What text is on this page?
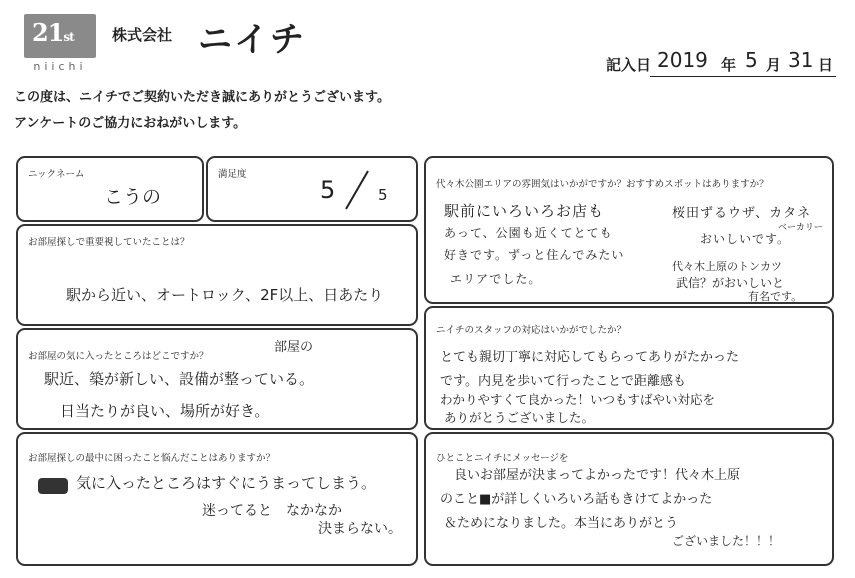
21st
niichi
株式会社 ニイチ
記入日 2019 年 5 月 31 日
この度は、ニイチでご契約いただき誠にありがとうございます。
アンケートのご協力におねがいします。
ニックネーム
こうの
満足度
5	5
お部屋探しで重要視していたことは？
駅から近い、オートロック、2F以上、日あたり
お部屋の気に入ったところはどこですか？
部屋の
駅近、築が新しい、設備が整っている。
日当たりが良い、場所が好き。
お部屋探しの最中に困ったこと悩んだことはありますか？
気に入ったところはすぐにうまってしまう。
迷ってると　なかなか
決まらない。
代々木公園エリアの雰囲気はいかがですか？おすすめスポットはありますか？
駅前にいろいろお店も
あって、公園も近くてとても
好きです。ずっと住んでみたい
エリアでした。
桜田ずるウザ、カタネ
ベーカリー
おいしいです。
代々木上原のトンカツ
武信？がおいしいと
有名です。
ニイチのスタッフの対応はいかがでしたか？
とても親切丁寧に対応してもらってありがたかった
です。内見を歩いて行ったことで距離感も
わかりやすくて良かった！いつもすばやい対応を
ありがとうございました。
ひとことニイチにメッセージを
良いお部屋が決まってよかったです！代々木上原
のこと■が詳しくいろいろ話もきけてよかった
＆ためになりました。本当にありがとう
ございました！！！
